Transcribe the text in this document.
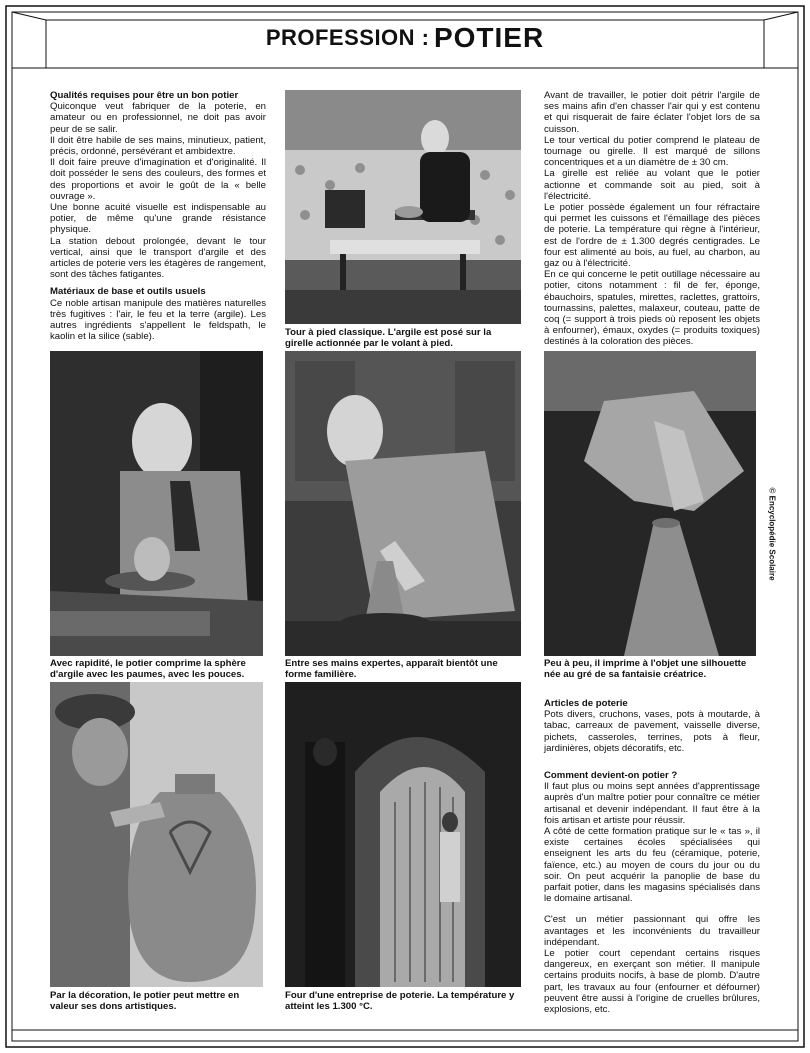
PROFESSION : POTIER

Qualités requises pour être un bon potier

Quiconque veut fabriquer de la poterie, en amateur ou en professionnel, ne doit pas avoir peur de se salir.

Il doit être habile de ses mains, minutieux, patient, précis, ordonné, persévérant et ambidextre.

Il doit faire preuve d'imagination et d'originalité. Il doit posséder le sens des couleurs, des formes et des proportions et avoir le goût de la « belle ouvrage ».

Une bonne acuité visuelle est indispensable au potier, de même qu'une grande résistance physique.

La station debout prolongée, devant le tour vertical, ainsi que le transport d'argile et des articles de poterie vers les étagères de rangement, sont des tâches fatigantes.

Matériaux de base et outils usuels

Ce noble artisan manipule des matières naturelles très fugitives : l'air, le feu et la terre (argile). Les autres ingrédients s'appellent le feldspath, le kaolin et la silice (sable).

Avant de travailler, le potier doit pétrir l'argile de ses mains afin d'en chasser l'air qui y est contenu et qui risquerait de faire éclater l'objet lors de sa cuisson.

Le tour vertical du potier comprend le plateau de tournage ou girelle. Il est marqué de sillons concentriques et a un diamètre de ± 30 cm.

La girelle est reliée au volant que le potier actionne et commande soit au pied, soit à l'électricité.

Le potier possède également un four réfractaire qui permet les cuissons et l'émaillage des pièces de poterie. La température qui règne à l'intérieur, est de l'ordre de ± 1.300 degrés centigrades. Le four est alimenté au bois, au fuel, au charbon, au gaz ou à l'électricité.

En ce qui concerne le petit outillage nécessaire au potier, citons notamment : fil de fer, éponge, ébauchoirs, spatules, mirettes, raclettes, grattoirs, tournassins, palettes, malaxeur, couteau, patte de coq (= support à trois pieds où reposent les objets à enfourner), émaux, oxydes (= produits toxiques) destinés à la coloration des pièces.

Articles de poterie

Pots divers, cruchons, vases, pots à moutarde, à tabac, carreaux de pavement, vaisselle diverse, pichets, casseroles, terrines, pots à fleur, jardinières, objets décoratifs, etc.

Comment devient-on potier ?

Il faut plus ou moins sept années d'apprentissage auprès d'un maître potier pour connaître ce métier artisanal et devenir indépendant. Il faut être à la fois artisan et artiste pour réussir.

A côté de cette formation pratique sur le « tas », il existe certaines écoles spécialisées qui enseignent les arts du feu (céramique, poterie, faïence, etc.) au moyen de cours du jour ou du soir. On peut acquérir la panoplie de base du parfait potier, dans les magasins spécialisés dans le domaine artisanal.

C'est un métier passionnant qui offre les avantages et les inconvénients du travailleur indépendant.

Le potier court cependant certains risques dangereux, en exerçant son métier. Il manipule certains produits nocifs, à base de plomb. D'autre part, les travaux au four (enfourner et défourner) peuvent être aussi à l'origine de cruelles brûlures, explosions, etc.

Tour à pied classique. L'argile est posé sur la girelle actionnée par le volant à pied.
Avec rapidité, le potier comprime la sphère d'argile avec les paumes, avec les pouces.
Entre ses mains expertes, apparaît bientôt une forme familière.
Peu à peu, il imprime à l'objet une silhouette née au gré de sa fantaisie créatrice.
Par la décoration, le potier peut mettre en valeur ses dons artistiques.
Four d'une entreprise de poterie. La température y atteint les 1.300 °C.
© Encyclopédie Scolaire
